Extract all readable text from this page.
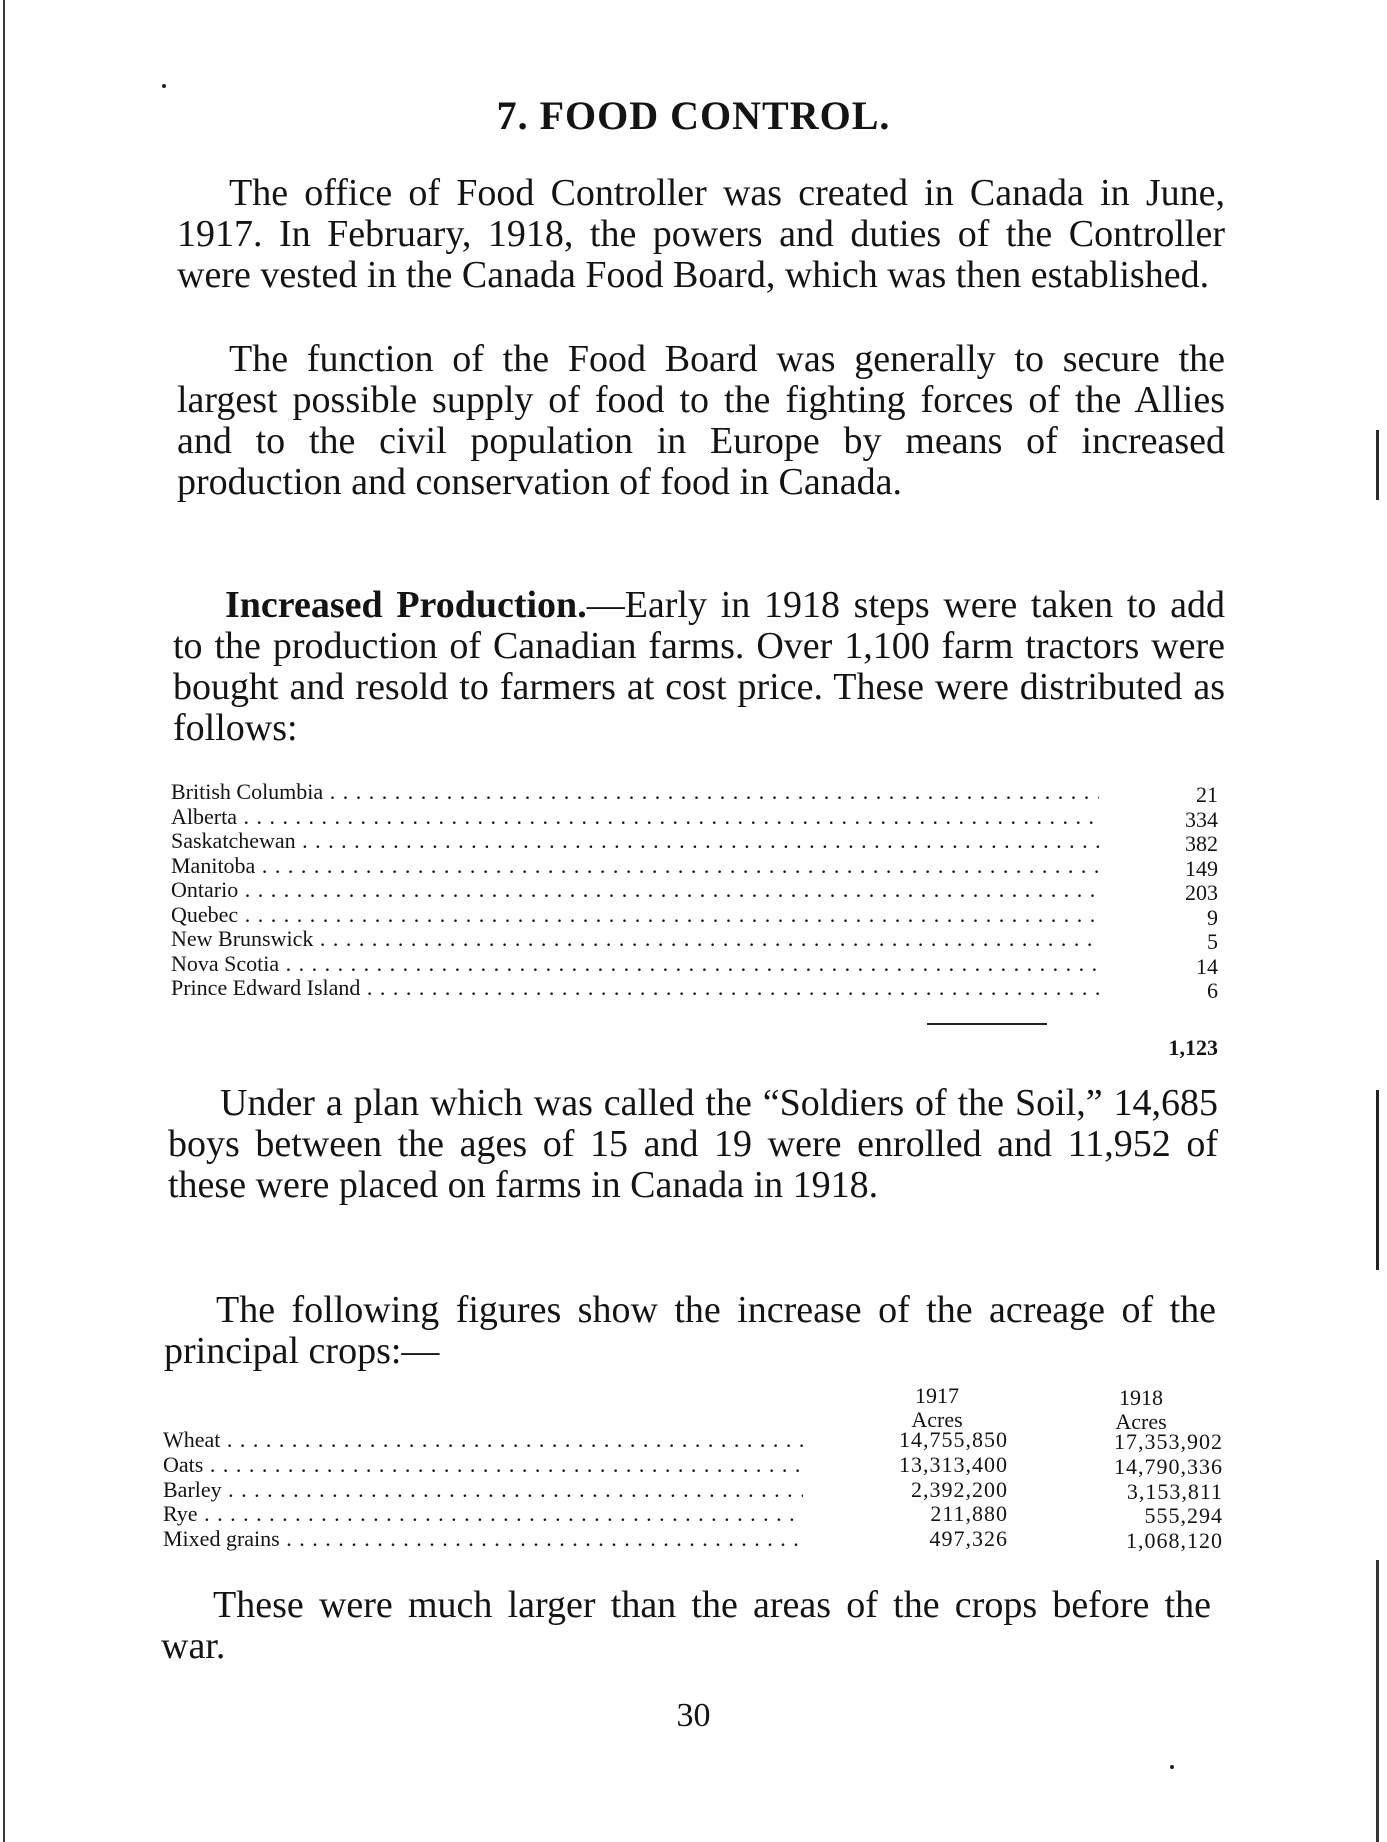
7. FOOD CONTROL.

The office of Food Controller was created in Canada in June, 1917. In February, 1918, the powers and duties of the Controller were vested in the Canada Food Board, which was then established.

The function of the Food Board was generally to secure the largest possible supply of food to the fighting forces of the Allies and to the civil population in Europe by means of increased production and conservation of food in Canada.

Increased Production.—Early in 1918 steps were taken to add to the production of Canadian farms. Over 1,100 farm tractors were bought and resold to farmers at cost price. These were distributed as follows:

British Columbia . . .	21
Alberta . . .	334
Saskatchewan . . .	382
Manitoba . . .	149
Ontario . . .	203
Quebec . . .	9
New Brunswick . . .	5
Nova Scotia . . .	14
Prince Edward Island . . .	6
1,123

Under a plan which was called the “Soldiers of the Soil,” 14,685 boys between the ages of 15 and 19 were enrolled and 11,952 of these were placed on farms in Canada in 1918.

The following figures show the increase of the acreage of the principal crops:—

1917
Acres
1918
Acres
Wheat . . .	14,755,850	17,353,902
Oats . . .	13,313,400	14,790,336
Barley . . .	2,392,200	3,153,811
Rye . . .	211,880	555,294
Mixed grains . . .	497,326	1,068,120

These were much larger than the areas of the crops before the war.

30
